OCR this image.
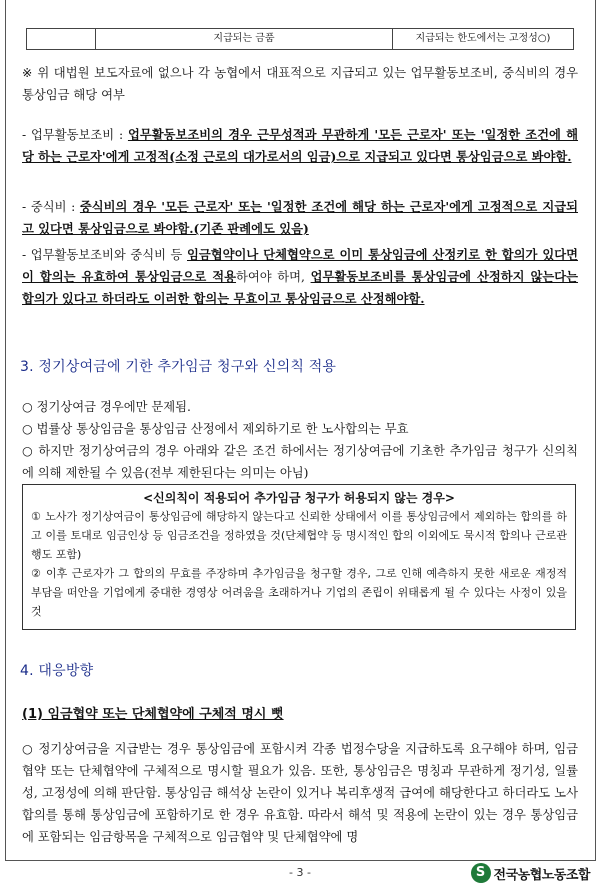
지급되는 금품	지급되는 한도에서는 고정성○)
※ 위 대법원 보도자료에 없으나 각 농협에서 대표적으로 지급되고 있는 업무활동보조비, 중식비의 경우 통상임금 해당 여부
- 업무활동보조비 : 업무활동보조비의 경우 근무성적과 무관하게 '모든 근로자' 또는 '일정한 조건에 해당 하는 근로자'에게 고정적(소정 근로의 대가로서의 임금)으로 지급되고 있다면 통상임금으로 봐야함.
- 중식비 : 중식비의 경우 '모든 근로자' 또는 '일정한 조건에 해당 하는 근로자'에게 고정적으로 지급되고 있다면 통상임금으로 봐야함.(기존 판례에도 있음)
- 업무활동보조비와 중식비 등 임금협약이나 단체협약으로 이미 통상임금에 산정키로 한 합의가 있다면 이 합의는 유효하여 통상임금으로 적용하여야 하며, 업무활동보조비를 통상임금에 산정하지 않는다는 합의가 있다고 하더라도 이러한 합의는 무효이고 통상임금으로 산정해야함.
3. 정기상여금에 기한 추가임금 청구와 신의칙 적용
○ 정기상여금 경우에만 문제됨.
○ 법률상 통상임금을 통상임금 산정에서 제외하기로 한 노사합의는 무효
○ 하지만 정기상여금의 경우 아래와 같은 조건 하에서는 정기상여금에 기초한 추가임금 청구가 신의칙에 의해 제한될 수 있음(전부 제한된다는 의미는 아님)
<신의칙이 적용되어 추가임금 청구가 허용되지 않는 경우>
① 노사가 정기상여금이 통상임금에 해당하지 않는다고 신뢰한 상태에서 이를 통상임금에서 제외하는 합의를 하고 이를 토대로 임금인상 등 임금조건을 정하였을 것(단체협약 등 명시적인 합의 이외에도 묵시적 합의나 근로관행도 포함)
② 이후 근로자가 그 합의의 무효를 주장하며 추가임금을 청구할 경우, 그로 인해 예측하지 못한 새로운 재정적 부담을 떠안을 기업에게 중대한 경영상 어려움을 초래하거나 기업의 존립이 위태롭게 될 수 있다는 사정이 있을 것
4. 대응방향
(1) 임금협약 또는 단체협약에 구체적 명시 뻣
○ 정기상여금을 지급받는 경우 통상임금에 포함시켜 각종 법정수당을 지급하도록 요구해야 하며, 임금협약 또는 단체협약에 구체적으로 명시할 필요가 있음. 또한, 통상임금은 명칭과 무관하게 정기성, 일률성, 고정성에 의해 판단함. 통상임금 해석상 논란이 있거나 복리후생적 급여에 해당한다고 하더라도 노사합의를 통해 통상임금에 포함하기로 한 경우 유효함. 따라서 해석 및 적용에 논란이 있는 경우 통상임금에 포함되는 임금항목을 구체적으로 임금협약 및 단체협약에 명
- 3 -	S 전국농협노동조합
